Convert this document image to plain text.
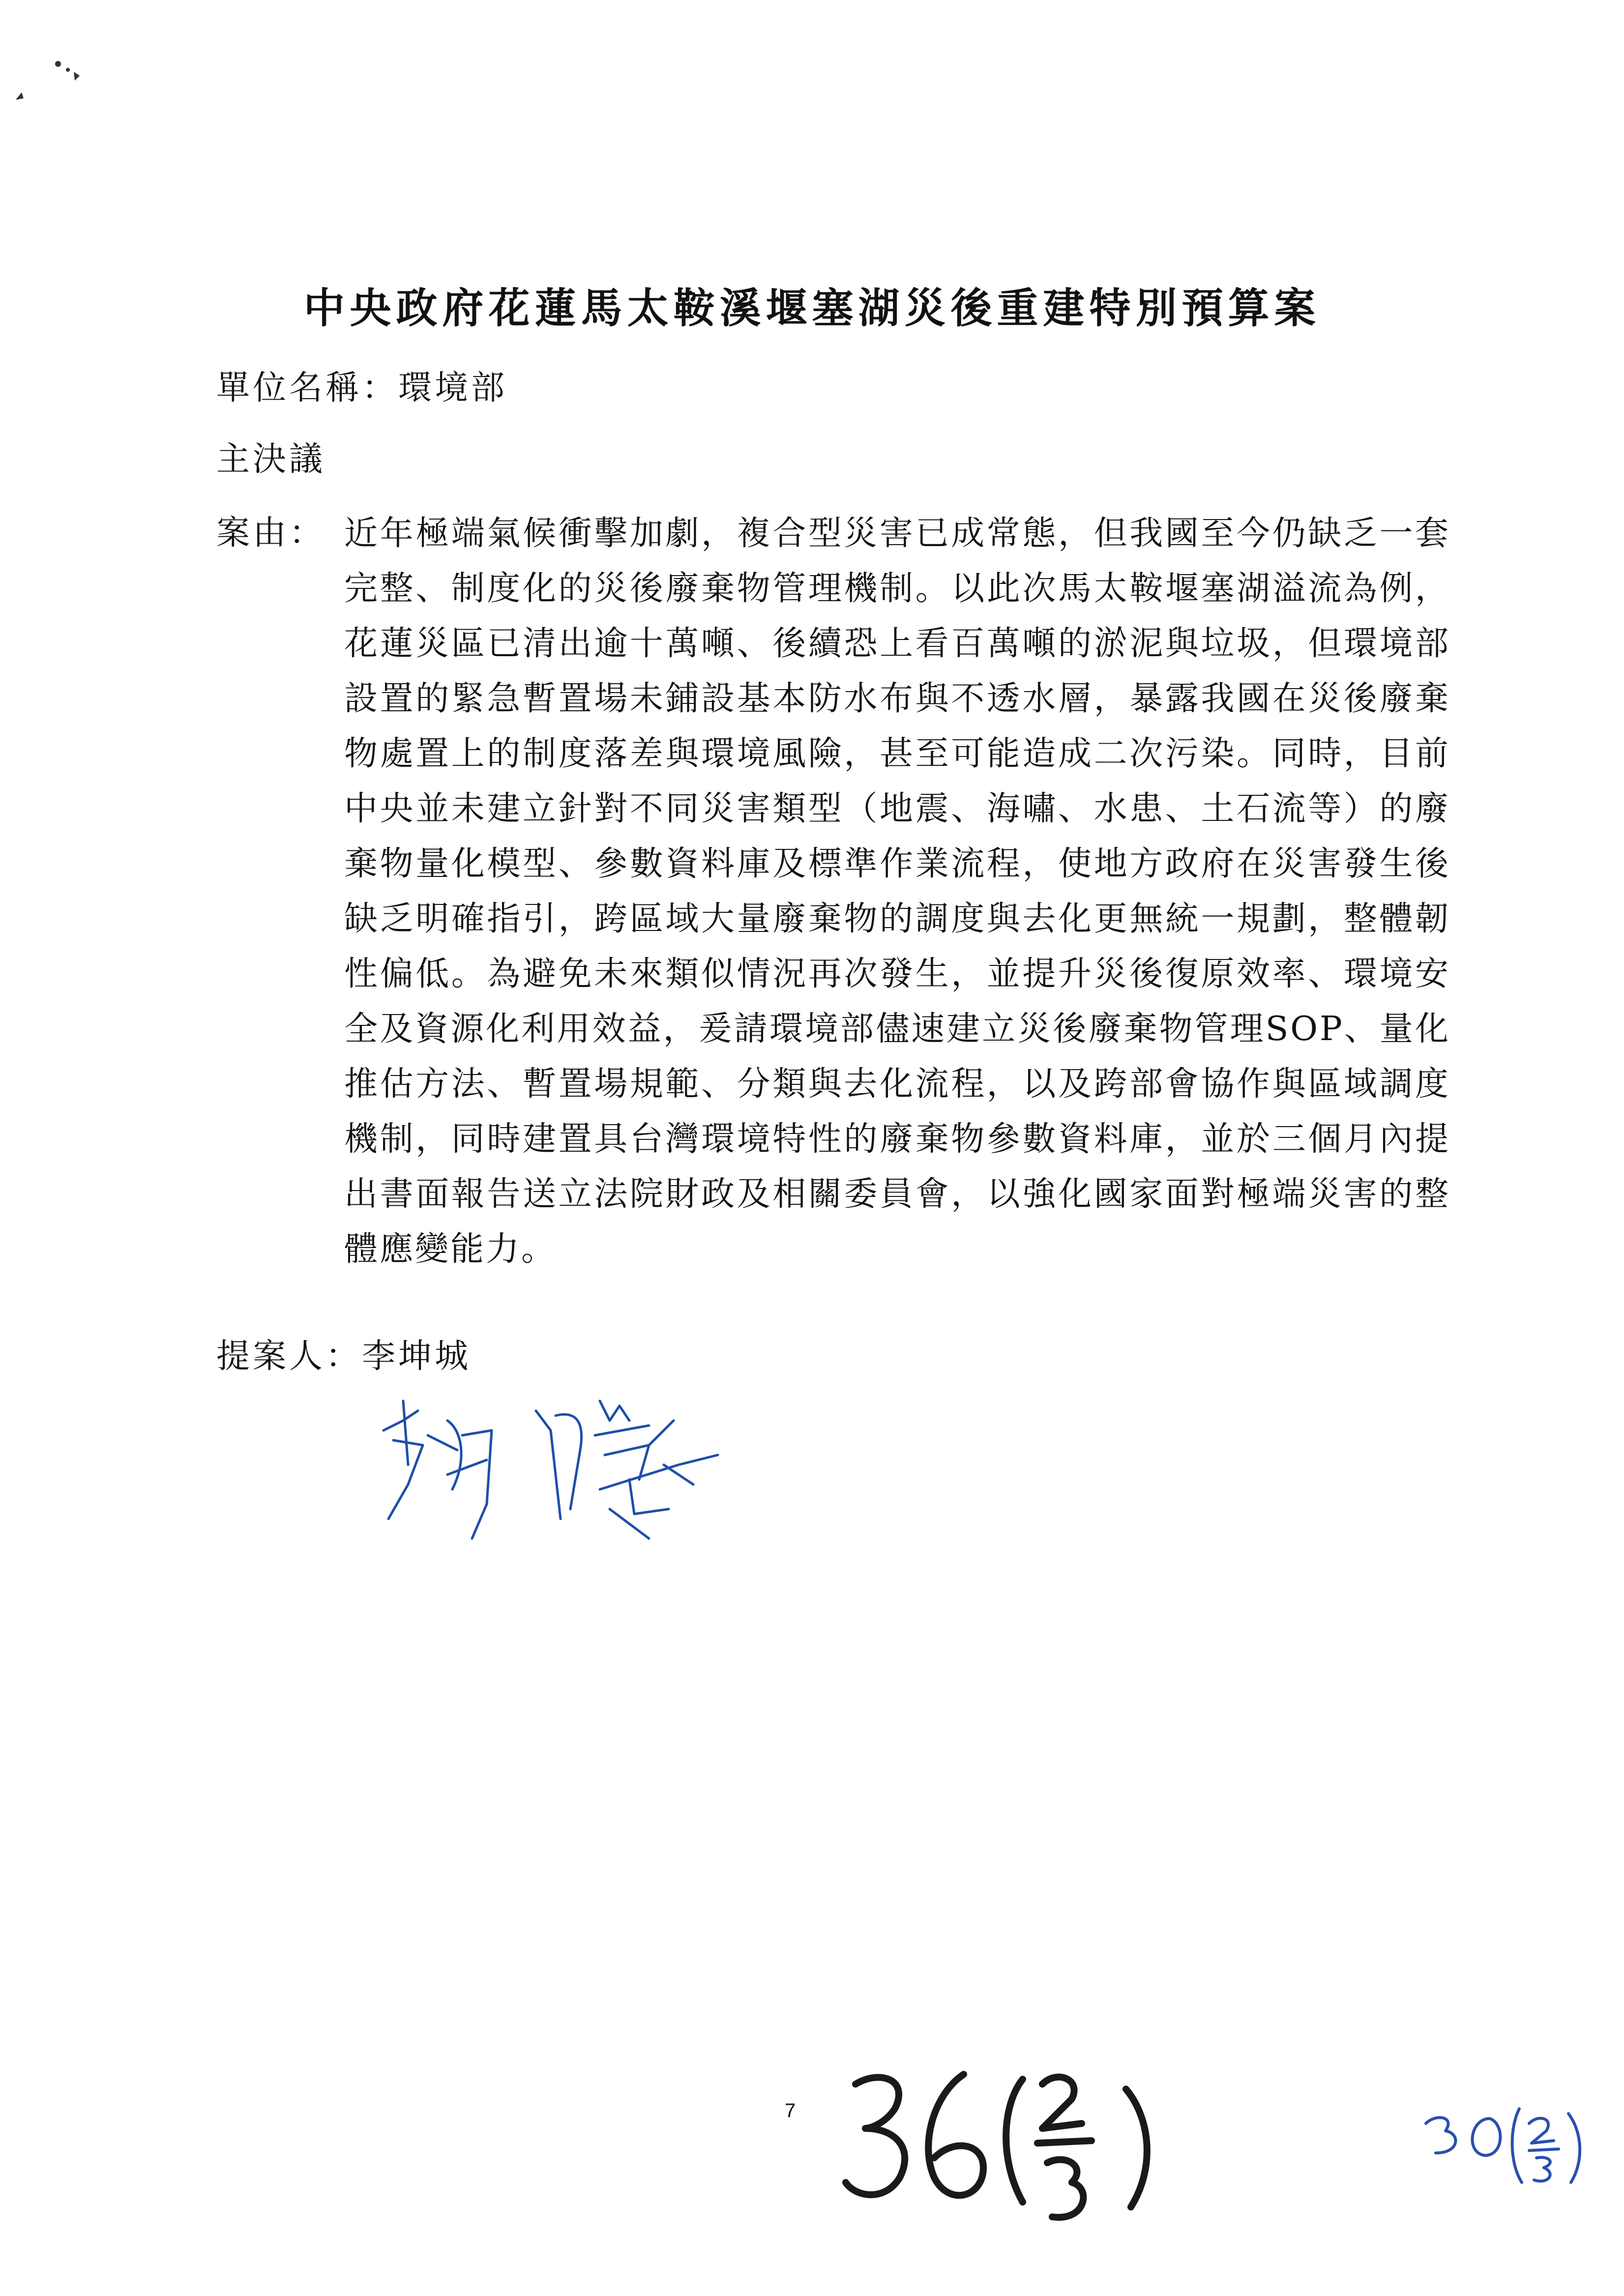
中央政府花蓮馬太鞍溪堰塞湖災後重建特別預算案
單位名稱：環境部
主決議
案由： 近年極端氣候衝擊加劇，複合型災害已成常態，但我國至今仍缺乏一套完整、制度化的災後廢棄物管理機制。以此次馬太鞍堰塞湖溢流為例，花蓮災區已清出逾十萬噸、後續恐上看百萬噸的淤泥與垃圾，但環境部設置的緊急暫置場未鋪設基本防水布與不透水層，暴露我國在災後廢棄物處置上的制度落差與環境風險，甚至可能造成二次污染。同時，目前中央並未建立針對不同災害類型（地震、海嘯、水患、土石流等）的廢棄物量化模型、參數資料庫及標準作業流程，使地方政府在災害發生後缺乏明確指引，跨區域大量廢棄物的調度與去化更無統一規劃，整體韌性偏低。為避免未來類似情況再次發生，並提升災後復原效率、環境安全及資源化利用效益，爰請環境部儘速建立災後廢棄物管理SOP、量化推估方法、暫置場規範、分類與去化流程，以及跨部會協作與區域調度機制，同時建置具台灣環境特性的廢棄物參數資料庫，並於三個月內提出書面報告送立法院財政及相關委員會，以強化國家面對極端災害的整體應變能力。
提案人：李坤城
7
